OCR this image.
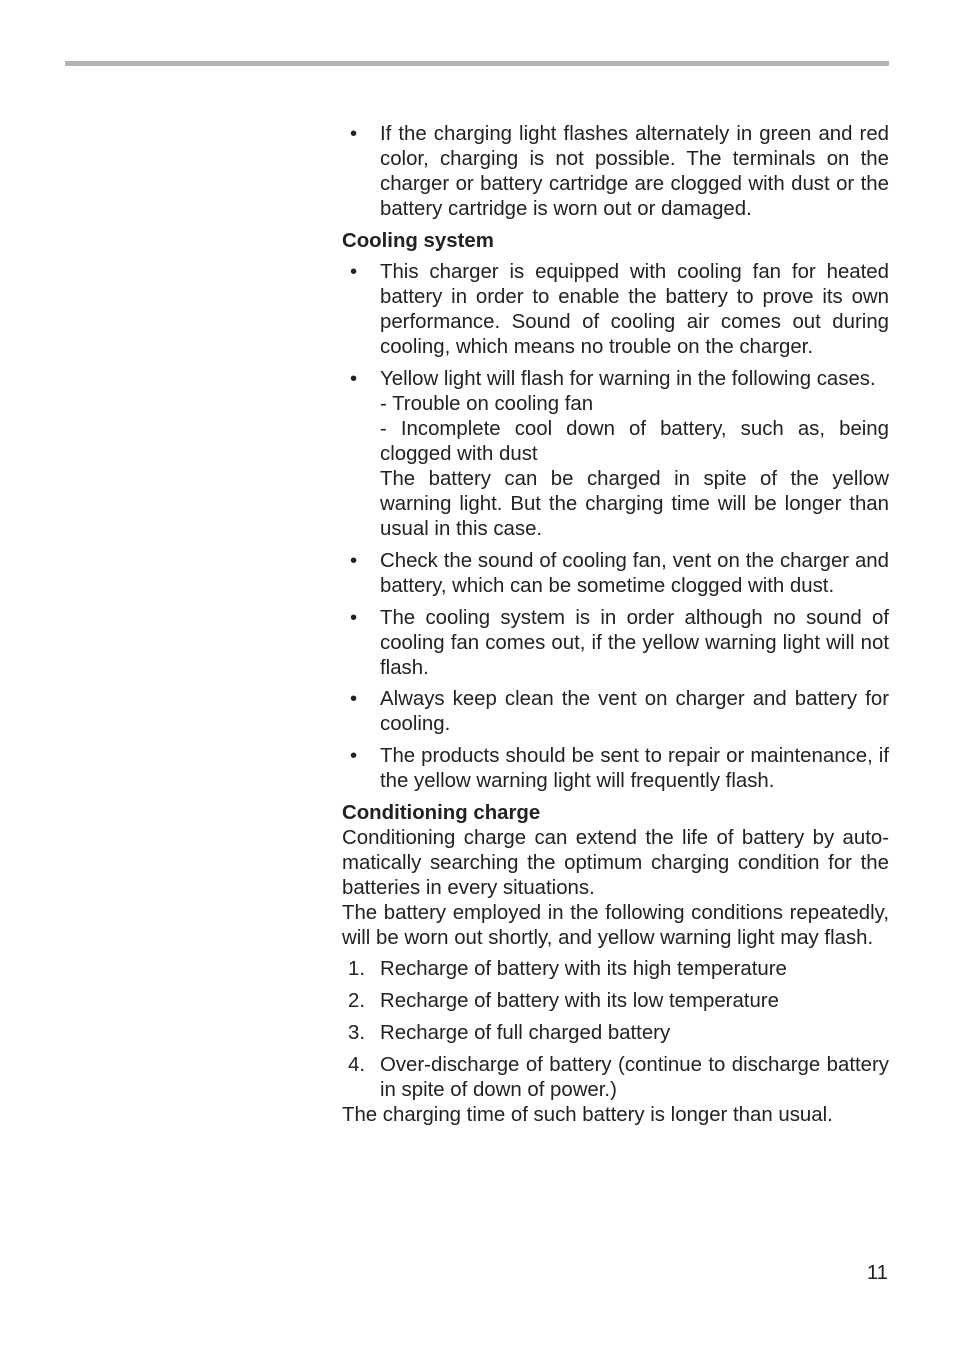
•	If the charging light flashes alternately in green and red color, charging is not possible. The terminals on the charger or battery cartridge are clogged with dust or the battery cartridge is worn out or damaged.
Cooling system
•	This charger is equipped with cooling fan for heated battery in order to enable the battery to prove its own performance. Sound of cooling air comes out during cooling, which means no trouble on the charger.
•	Yellow light will flash for warning in the following cases.
- Trouble on cooling fan
- Incomplete cool down of battery, such as, being clogged with dust
The battery can be charged in spite of the yellow warning light. But the charging time will be longer than usual in this case.
•	Check the sound of cooling fan, vent on the charger and battery, which can be sometime clogged with dust.
•	The cooling system is in order although no sound of cooling fan comes out, if the yellow warning light will not flash.
•	Always keep clean the vent on charger and battery for cooling.
•	The products should be sent to repair or maintenance, if the yellow warning light will frequently flash.
Conditioning charge
Conditioning charge can extend the life of battery by auto-matically searching the optimum charging condition for the batteries in every situations.
The battery employed in the following conditions repeatedly, will be worn out shortly, and yellow warning light may flash.
1. Recharge of battery with its high temperature
2. Recharge of battery with its low temperature
3. Recharge of full charged battery
4. Over-discharge of battery (continue to discharge battery in spite of down of power.)
The charging time of such battery is longer than usual.
11
